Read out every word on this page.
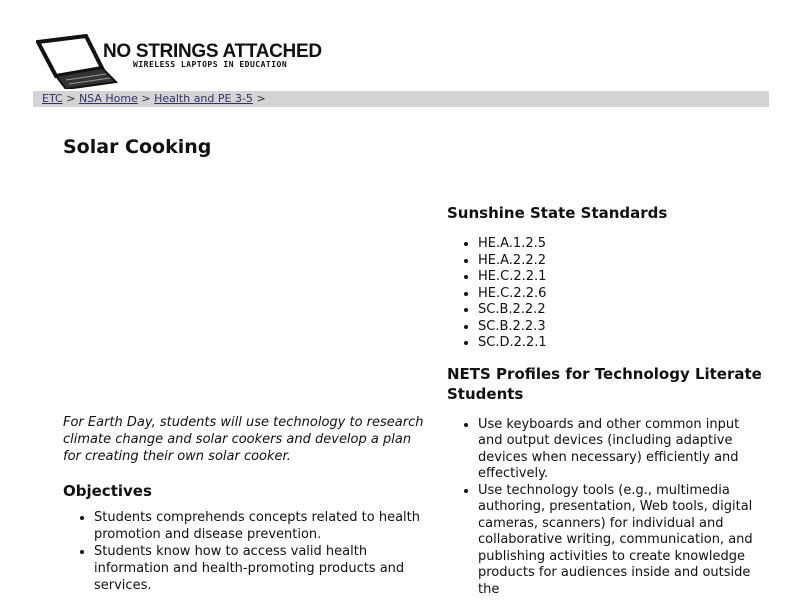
NO STRINGS ATTACHED
WIRELESS LAPTOPS IN EDUCATION
ETC > NSA Home > Health and PE 3-5 >
Solar Cooking

For Earth Day, students will use technology to research climate change and solar cookers and develop a plan for creating their own solar cooker.

Objectives
• Students comprehends concepts related to health promotion and disease prevention.
• Students know how to access valid health information and health-promoting products and services.
Sunshine State Standards
• HE.A.1.2.5
• HE.A.2.2.2
• HE.C.2.2.1
• HE.C.2.2.6
• SC.B.2.2.2
• SC.B.2.2.3
• SC.D.2.2.1
NETS Profiles for Technology Literate Students
• Use keyboards and other common input and output devices (including adaptive devices when necessary) efficiently and effectively.
• Use technology tools (e.g., multimedia authoring, presentation, Web tools, digital cameras, scanners) for individual and collaborative writing, communication, and publishing activities to create knowledge products for audiences inside and outside the
